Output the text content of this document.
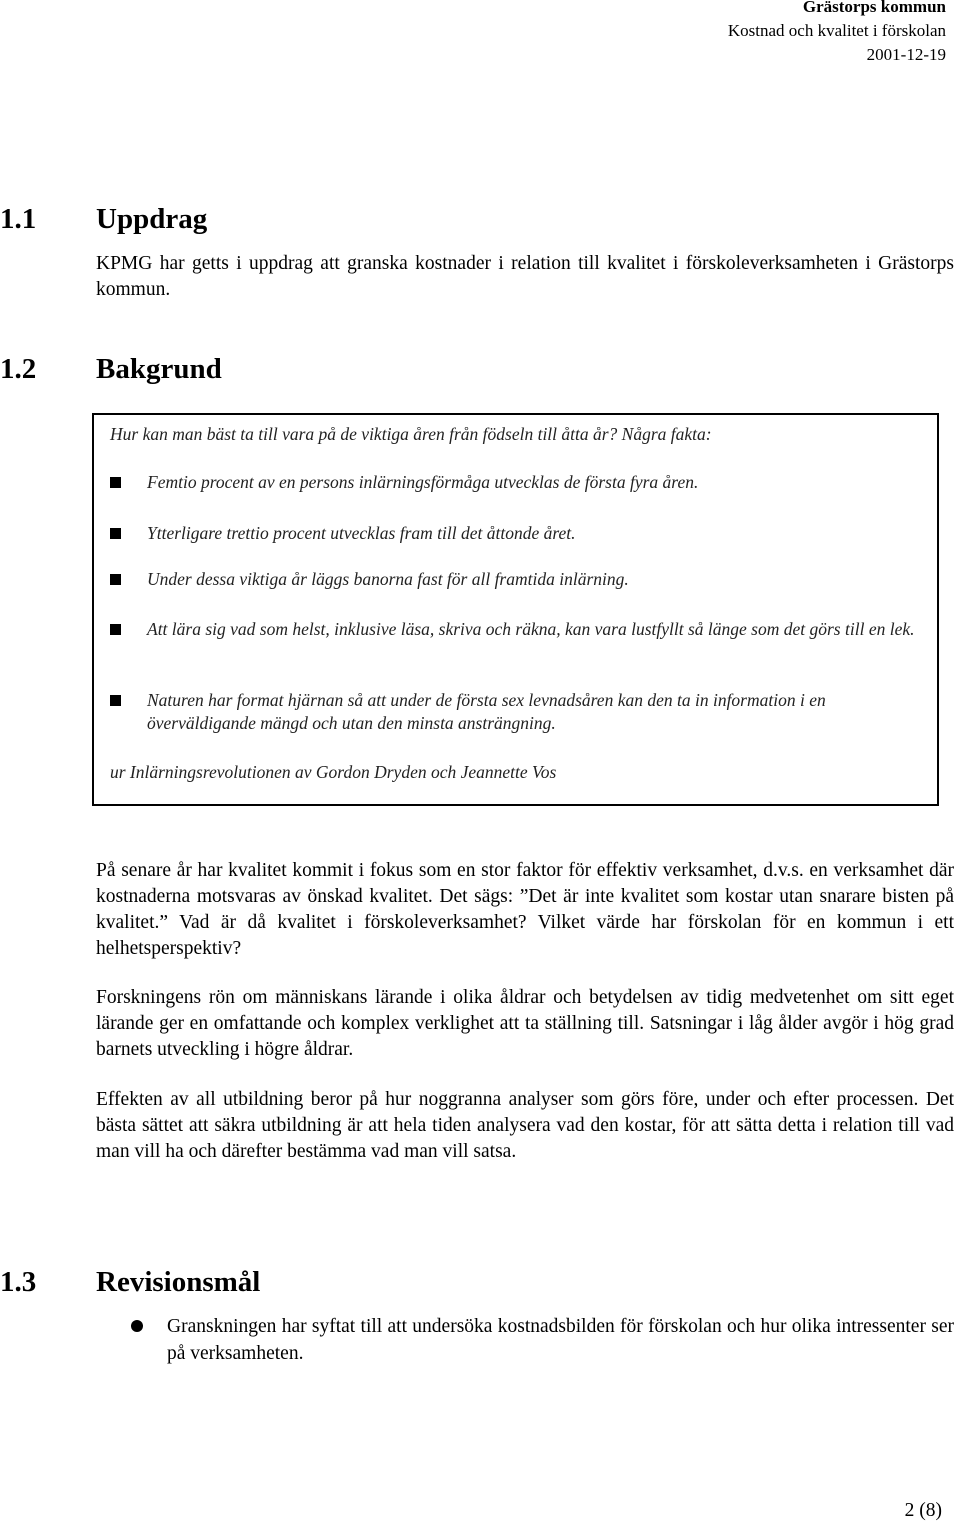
Grästorps kommun
Kostnad och kvalitet i förskolan
2001-12-19
1.1 Uppdrag
KPMG har getts i uppdrag att granska kostnader i relation till kvalitet i förskoleverksamheten i Grästorps kommun.
1.2 Bakgrund
Hur kan man bäst ta till vara på de viktiga åren från födseln till åtta år? Några fakta:
Femtio procent av en persons inlärningsförmåga utvecklas de första fyra åren.
Ytterligare trettio procent utvecklas fram till det åttonde året.
Under dessa viktiga år läggs banorna fast för all framtida inlärning.
Att lära sig vad som helst, inklusive läsa, skriva och räkna, kan vara lustfyllt så länge som det görs till en lek.
Naturen har format hjärnan så att under de första sex levnadsåren kan den ta in information i en överväldigande mängd och utan den minsta ansträngning.
ur Inlärningsrevolutionen av Gordon Dryden och Jeannette Vos
På senare år har kvalitet kommit i fokus som en stor faktor för effektiv verksamhet, d.v.s. en verksamhet där kostnaderna motsvaras av önskad kvalitet. Det sägs: ”Det är inte kvalitet som kostar utan snarare bisten på kvalitet.” Vad är då kvalitet i förskoleverksamhet? Vilket värde har förskolan för en kommun i ett helhetsperspektiv?
Forskningens rön om människans lärande i olika åldrar och betydelsen av tidig medvetenhet om sitt eget lärande ger en omfattande och komplex verklighet att ta ställning till. Satsningar i låg ålder avgör i hög grad barnets utveckling i högre åldrar.
Effekten av all utbildning beror på hur noggranna analyser som görs före, under och efter processen. Det bästa sättet att säkra utbildning är att hela tiden analysera vad den kostar, för att sätta detta i relation till vad man vill ha och därefter bestämma vad man vill satsa.
1.3 Revisionsmål
Granskningen har syftat till att undersöka kostnadsbilden för förskolan och hur olika intressenter ser på verksamheten.
2 (8)
